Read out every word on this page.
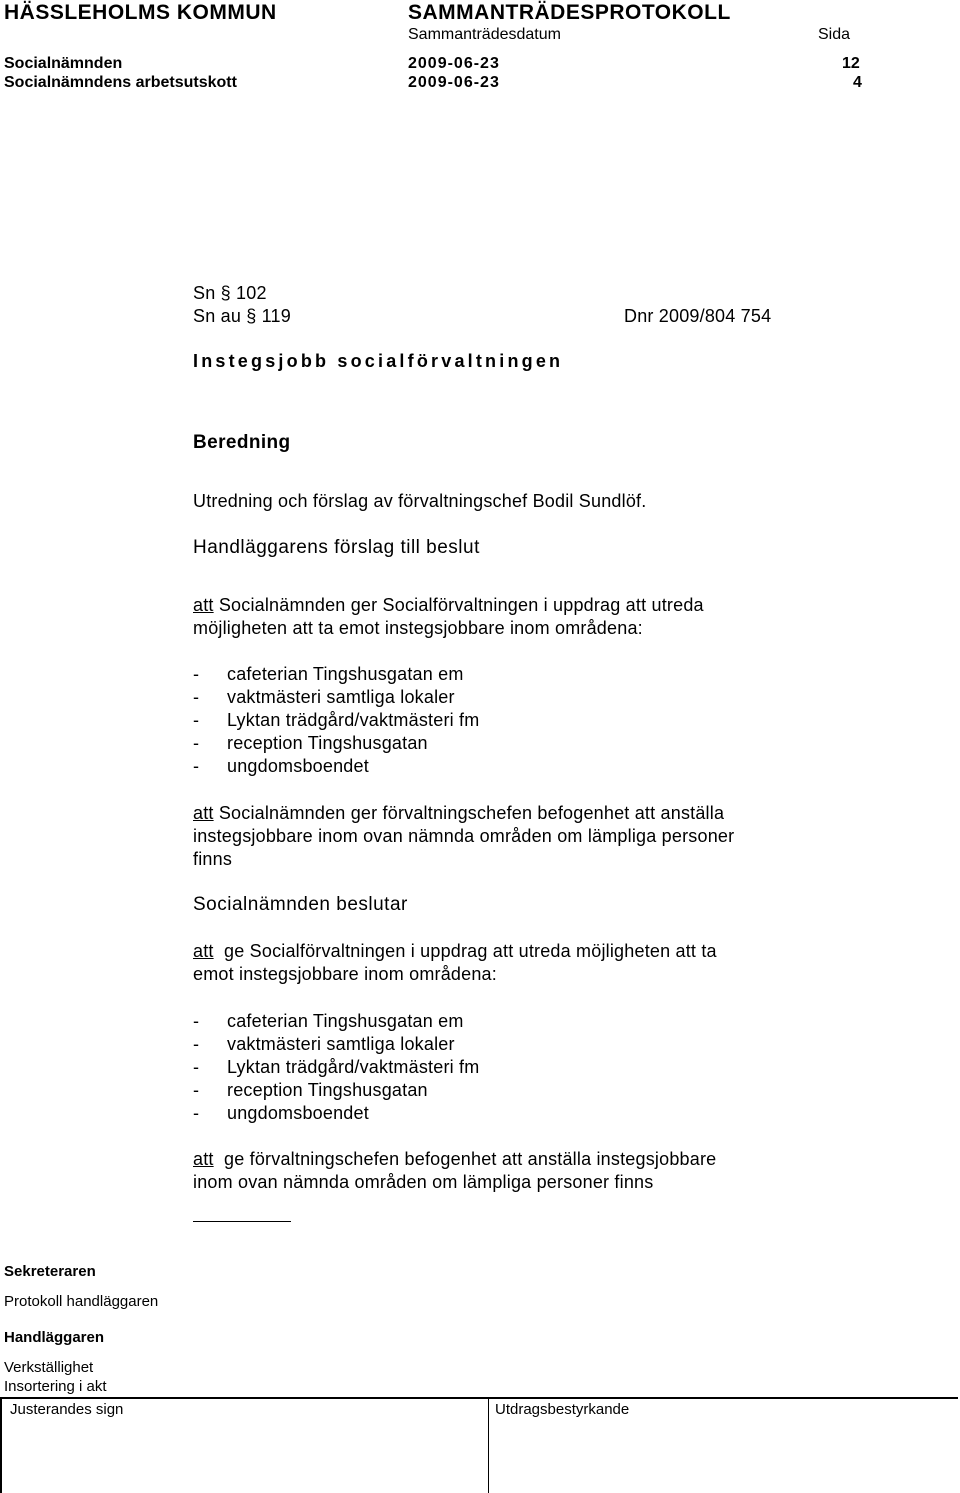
HÄSSLEHOLMS KOMMUN	SAMMANTRÄDESPROTOKOLL
Sammanträdesdatum	Sida
Socialnämnden	2009-06-23	12
Socialnämndens arbetsutskott	2009-06-23	4
Sn § 102
Sn au § 119	Dnr 2009/804 754
Instegsjobb socialförvaltningen
Beredning
Utredning och förslag av förvaltningschef Bodil Sundlöf.
Handläggarens förslag till beslut
att Socialnämnden ger Socialförvaltningen i uppdrag att utreda
möjligheten att ta emot instegsjobbare inom områdena:
- cafeterian Tingshusgatan em
- vaktmästeri samtliga lokaler
- Lyktan trädgård/vaktmästeri fm
- reception Tingshusgatan
- ungdomsboendet
att Socialnämnden ger förvaltningschefen befogenhet att anställa
instegsjobbare inom ovan nämnda områden om lämpliga personer
finns
Socialnämnden beslutar
att  ge Socialförvaltningen i uppdrag att utreda möjligheten att ta
emot instegsjobbare inom områdena:
- cafeterian Tingshusgatan em
- vaktmästeri samtliga lokaler
- Lyktan trädgård/vaktmästeri fm
- reception Tingshusgatan
- ungdomsboendet
att  ge förvaltningschefen befogenhet att anställa instegsjobbare
inom ovan nämnda områden om lämpliga personer finns
Sekreteraren
Protokoll handläggaren
Handläggaren
Verkställighet
Insortering i akt
Justerandes sign	Utdragsbestyrkande
